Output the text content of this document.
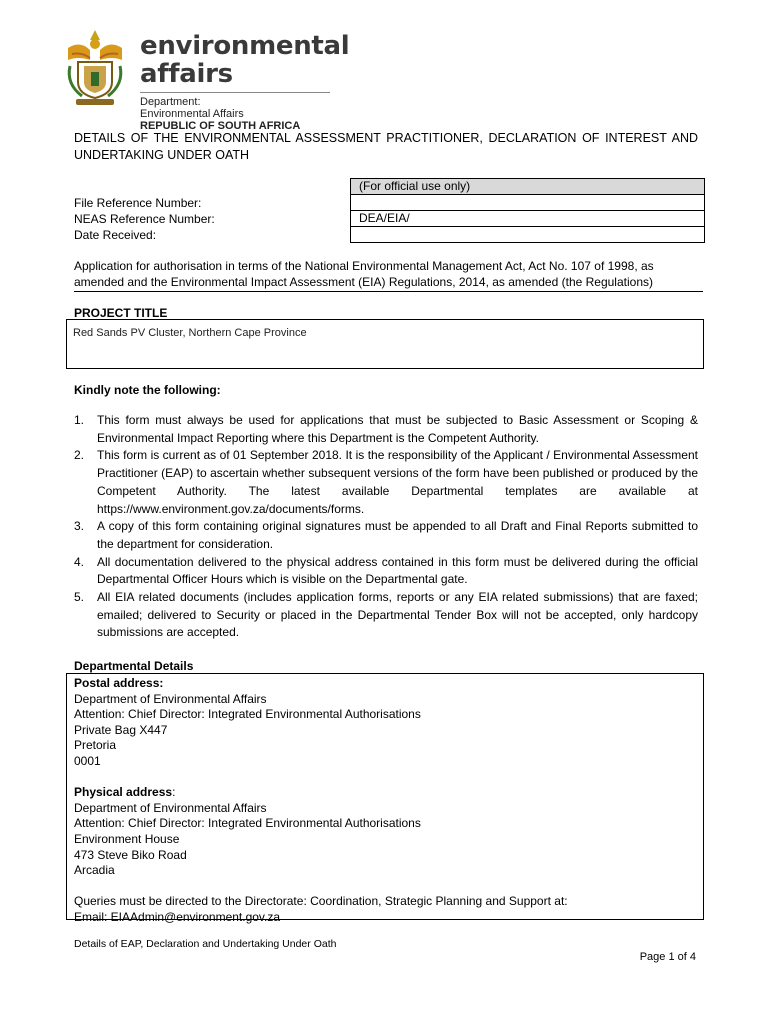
environmental affairs
Department:
Environmental Affairs
REPUBLIC OF SOUTH AFRICA
DETAILS OF THE ENVIRONMENTAL ASSESSMENT PRACTITIONER, DECLARATION OF INTEREST AND UNDERTAKING UNDER OATH
File Reference Number:
NEAS Reference Number:
Date Received:
(For official use only)
DEA/EIA/
Application for authorisation in terms of the National Environmental Management Act, Act No. 107 of 1998, as amended and the Environmental Impact Assessment (EIA) Regulations, 2014, as amended (the Regulations)
PROJECT TITLE
Red Sands PV Cluster, Northern Cape Province
Kindly note the following:
1. This form must always be used for applications that must be subjected to Basic Assessment or Scoping & Environmental Impact Reporting where this Department is the Competent Authority.
2. This form is current as of 01 September 2018. It is the responsibility of the Applicant / Environmental Assessment Practitioner (EAP) to ascertain whether subsequent versions of the form have been published or produced by the Competent Authority. The latest available Departmental templates are available at
https://www.environment.gov.za/documents/forms.
3. A copy of this form containing original signatures must be appended to all Draft and Final Reports submitted to the department for consideration.
4. All documentation delivered to the physical address contained in this form must be delivered during the official Departmental Officer Hours which is visible on the Departmental gate.
5. All EIA related documents (includes application forms, reports or any EIA related submissions) that are faxed; emailed; delivered to Security or placed in the Departmental Tender Box will not be accepted, only hardcopy submissions are accepted.
Departmental Details
Postal address:
Department of Environmental Affairs
Attention: Chief Director: Integrated Environmental Authorisations
Private Bag X447
Pretoria
0001
Physical address:
Department of Environmental Affairs
Attention: Chief Director: Integrated Environmental Authorisations
Environment House
473 Steve Biko Road
Arcadia
Queries must be directed to the Directorate: Coordination, Strategic Planning and Support at:
Email: EIAAdmin@environment.gov.za
Details of EAP, Declaration and Undertaking Under Oath
Page 1 of 4
